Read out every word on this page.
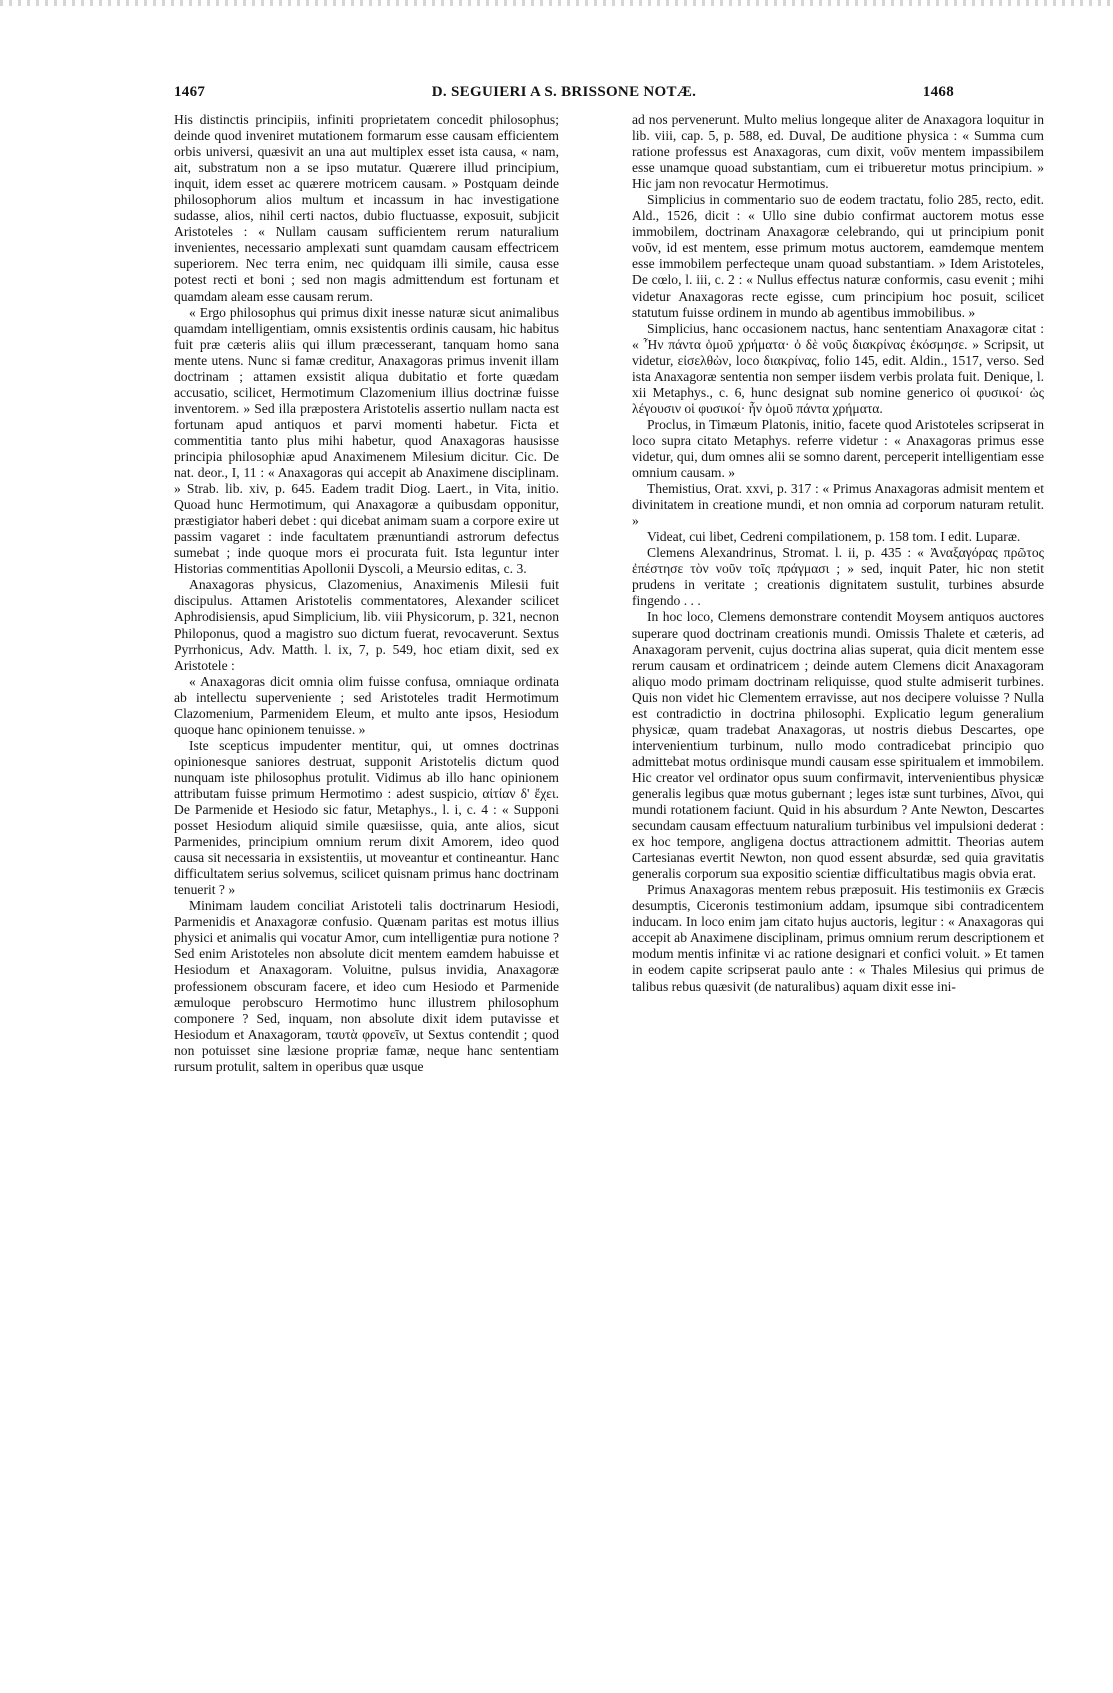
1467	D. SEGUIERI A S. BRISSONE NOTÆ.	1468

His distinctis principiis, infiniti proprietatem concedit philosophus; deinde quod inveniret mutationem formarum esse causam efficientem orbis universi, quæsivit an una aut multiplex esset ista causa, « nam, ait, substratum non a se ipso mutatur. Quærere illud principium, inquit, idem esset ac quærere motricem causam. » Postquam deinde philosophorum alios multum et incassum in hac investigatione sudasse, alios, nihil certi nactos, dubio fluctuasse, exposuit, subjicit Aristoteles : « Nullam causam sufficientem rerum naturalium invenientes, necessario amplexati sunt quamdam causam effectricem superiorem. Nec terra enim, nec quidquam illi simile, causa esse potest recti et boni ; sed non magis admittendum est fortunam et quamdam aleam esse causam rerum.

« Ergo philosophus qui primus dixit inesse naturæ sicut animalibus quamdam intelligentiam, omnis exsistentis ordinis causam, hic habitus fuit præ cæteris aliis qui illum præcesserant, tanquam homo sana mente utens. Nunc si famæ creditur, Anaxagoras primus invenit illam doctrinam ; attamen exsistit aliqua dubitatio et forte quædam accusatio, scilicet, Hermotimum Clazomenium illius doctrinæ fuisse inventorem. » Sed illa præpostera Aristotelis assertio nullam nacta est fortunam apud antiquos et parvi momenti habetur. Ficta et commentitia tanto plus mihi habetur, quod Anaxagoras hausisse principia philosophiæ apud Anaximenem Milesium dicitur. Cic. De nat. deor., I, 11 : « Anaxagoras qui accepit ab Anaximene disciplinam. » Strab. lib. xiv, p. 645. Eadem tradit Diog. Laert., in Vita, initio. Quoad hunc Hermotimum, qui Anaxagoræ a quibusdam opponitur, præstigiator haberi debet : qui dicebat animam suam a corpore exire ut passim vagaret : inde facultatem prænuntiandi astrorum defectus sumebat ; inde quoque mors ei procurata fuit. Ista leguntur inter Historias commentitias Apollonii Dyscoli, a Meursio editas, c. 3.

Anaxagoras physicus, Clazomenius, Anaximenis Milesii fuit discipulus. Attamen Aristotelis commentatores, Alexander scilicet Aphrodisiensis, apud Simplicium, lib. viii Physicorum, p. 321, necnon Philoponus, quod a magistro suo dictum fuerat, revocaverunt. Sextus Pyrrhonicus, Adv. Matth. l. ix, 7, p. 549, hoc etiam dixit, sed ex Aristotele :

« Anaxagoras dicit omnia olim fuisse confusa, omniaque ordinata ab intellectu superveniente ; sed Aristoteles tradit Hermotimum Clazomenium, Parmenidem Eleum, et multo ante ipsos, Hesiodum quoque hanc opinionem tenuisse. »

Iste scepticus impudenter mentitur, qui, ut omnes doctrinas opinionesque saniores destruat, supponit Aristotelis dictum quod nunquam iste philosophus protulit. Vidimus ab illo hanc opinionem attributam fuisse primum Hermotimo : adest suspicio, αἰτίαν δ' ἔχει. De Parmenide et Hesiodo sic fatur, Metaphys., l. i, c. 4 : « Supponi posset Hesiodum aliquid simile quæsiisse, quia, ante alios, sicut Parmenides, principium omnium rerum dixit Amorem, ideo quod causa sit necessaria in exsistentiis, ut moveantur et contineantur. Hanc difficultatem serius solvemus, scilicet quisnam primus hanc doctrinam tenuerit ? »

Minimam laudem conciliat Aristoteli talis doctrinarum Hesiodi, Parmenidis et Anaxagoræ confusio. Quænam paritas est motus illius physici et animalis qui vocatur Amor, cum intelligentiæ pura notione ? Sed enim Aristoteles non absolute dicit mentem eamdem habuisse et Hesiodum et Anaxagoram. Voluitne, pulsus invidia, Anaxagoræ professionem obscuram facere, et ideo cum Hesiodo et Parmenide æmuloque perobscuro Hermotimo hunc illustrem philosophum componere ? Sed, inquam, non absolute dixit idem putavisse et Hesiodum et Anaxagoram, ταυτὰ φρονεῖν, ut Sextus contendit ; quod non potuisset sine læsione propriæ famæ, neque hanc sententiam rursum protulit, saltem in operibus quæ usque

ad nos pervenerunt. Multo melius longeque aliter de Anaxagora loquitur in lib. viii, cap. 5, p. 588, ed. Duval, De auditione physica : « Summa cum ratione professus est Anaxagoras, cum dixit, νοῦν mentem impassibilem esse unamque quoad substantiam, cum ei tribueretur motus principium. » Hic jam non revocatur Hermotimus.

Simplicius in commentario suo de eodem tractatu, folio 285, recto, edit. Ald., 1526, dicit : « Ullo sine dubio confirmat auctorem motus esse immobilem, doctrinam Anaxagoræ celebrando, qui ut principium ponit νοῦν, id est mentem, esse primum motus auctorem, eamdemque mentem esse immobilem perfecteque unam quoad substantiam. » Idem Aristoteles, De cœlo, l. iii, c. 2 : « Nullus effectus naturæ conformis, casu evenit ; mihi videtur Anaxagoras recte egisse, cum principium hoc posuit, scilicet statutum fuisse ordinem in mundo ab agentibus immobilibus. »

Simplicius, hanc occasionem nactus, hanc sententiam Anaxagoræ citat : « Ἦν πάντα ὁμοῦ χρήματα· ὁ δὲ νοῦς διακρίνας ἐκόσμησε. » Scripsit, ut videtur, εἰσελθὼν, loco διακρίνας, folio 145, edit. Aldin., 1517, verso. Sed ista Anaxagoræ sententia non semper iisdem verbis prolata fuit. Denique, l. xii Metaphys., c. 6, hunc designat sub nomine generico οἱ φυσικοί· ὡς λέγουσιν οἱ φυσικοί· ἦν ὁμοῦ πάντα χρήματα.

Proclus, in Timæum Platonis, initio, facete quod Aristoteles scripserat in loco supra citato Metaphys. referre videtur : « Anaxagoras primus esse videtur, qui, dum omnes alii se somno darent, perceperit intelligentiam esse omnium causam. »

Themistius, Orat. xxvi, p. 317 : « Primus Anaxagoras admisit mentem et divinitatem in creatione mundi, et non omnia ad corporum naturam retulit. »

Videat, cui libet, Cedreni compilationem, p. 158 tom. I edit. Luparæ.

Clemens Alexandrinus, Stromat. l. ii, p. 435 : « Ἀναξαγόρας πρῶτος ἐπέστησε τὸν νοῦν τοῖς πράγμασι ; » sed, inquit Pater, hic non stetit prudens in veritate ; creationis dignitatem sustulit, turbines absurde fingendo . . .

In hoc loco, Clemens demonstrare contendit Moysem antiquos auctores superare quod doctrinam creationis mundi. Omissis Thalete et cæteris, ad Anaxagoram pervenit, cujus doctrina alias superat, quia dicit mentem esse rerum causam et ordinatricem ; deinde autem Clemens dicit Anaxagoram aliquo modo primam doctrinam reliquisse, quod stulte admiserit turbines. Quis non videt hic Clementem erravisse, aut nos decipere voluisse ? Nulla est contradictio in doctrina philosophi. Explicatio legum generalium physicæ, quam tradebat Anaxagoras, ut nostris diebus Descartes, ope intervenientium turbinum, nullo modo contradicebat principio quo admittebat motus ordinisque mundi causam esse spiritualem et immobilem. Hic creator vel ordinator opus suum confirmavit, intervenientibus physicæ generalis legibus quæ motus gubernant ; leges istæ sunt turbines, Δῖνοι, qui mundi rotationem faciunt. Quid in his absurdum ? Ante Newton, Descartes secundam causam effectuum naturalium turbinibus vel impulsioni dederat : ex hoc tempore, angligena doctus attractionem admittit. Theorias autem Cartesianas evertit Newton, non quod essent absurdæ, sed quia gravitatis generalis corporum sua expositio scientiæ difficultatibus magis obvia erat.

Primus Anaxagoras mentem rebus præposuit. His testimoniis ex Græcis desumptis, Ciceronis testimonium addam, ipsumque sibi contradicentem inducam. In loco enim jam citato hujus auctoris, legitur : « Anaxagoras qui accepit ab Anaximene disciplinam, primus omnium rerum descriptionem et modum mentis infinitæ vi ac ratione designari et confici voluit. » Et tamen in eodem capite scripserat paulo ante : « Thales Milesius qui primus de talibus rebus quæsivit (de naturalibus) aquam dixit esse ini-
